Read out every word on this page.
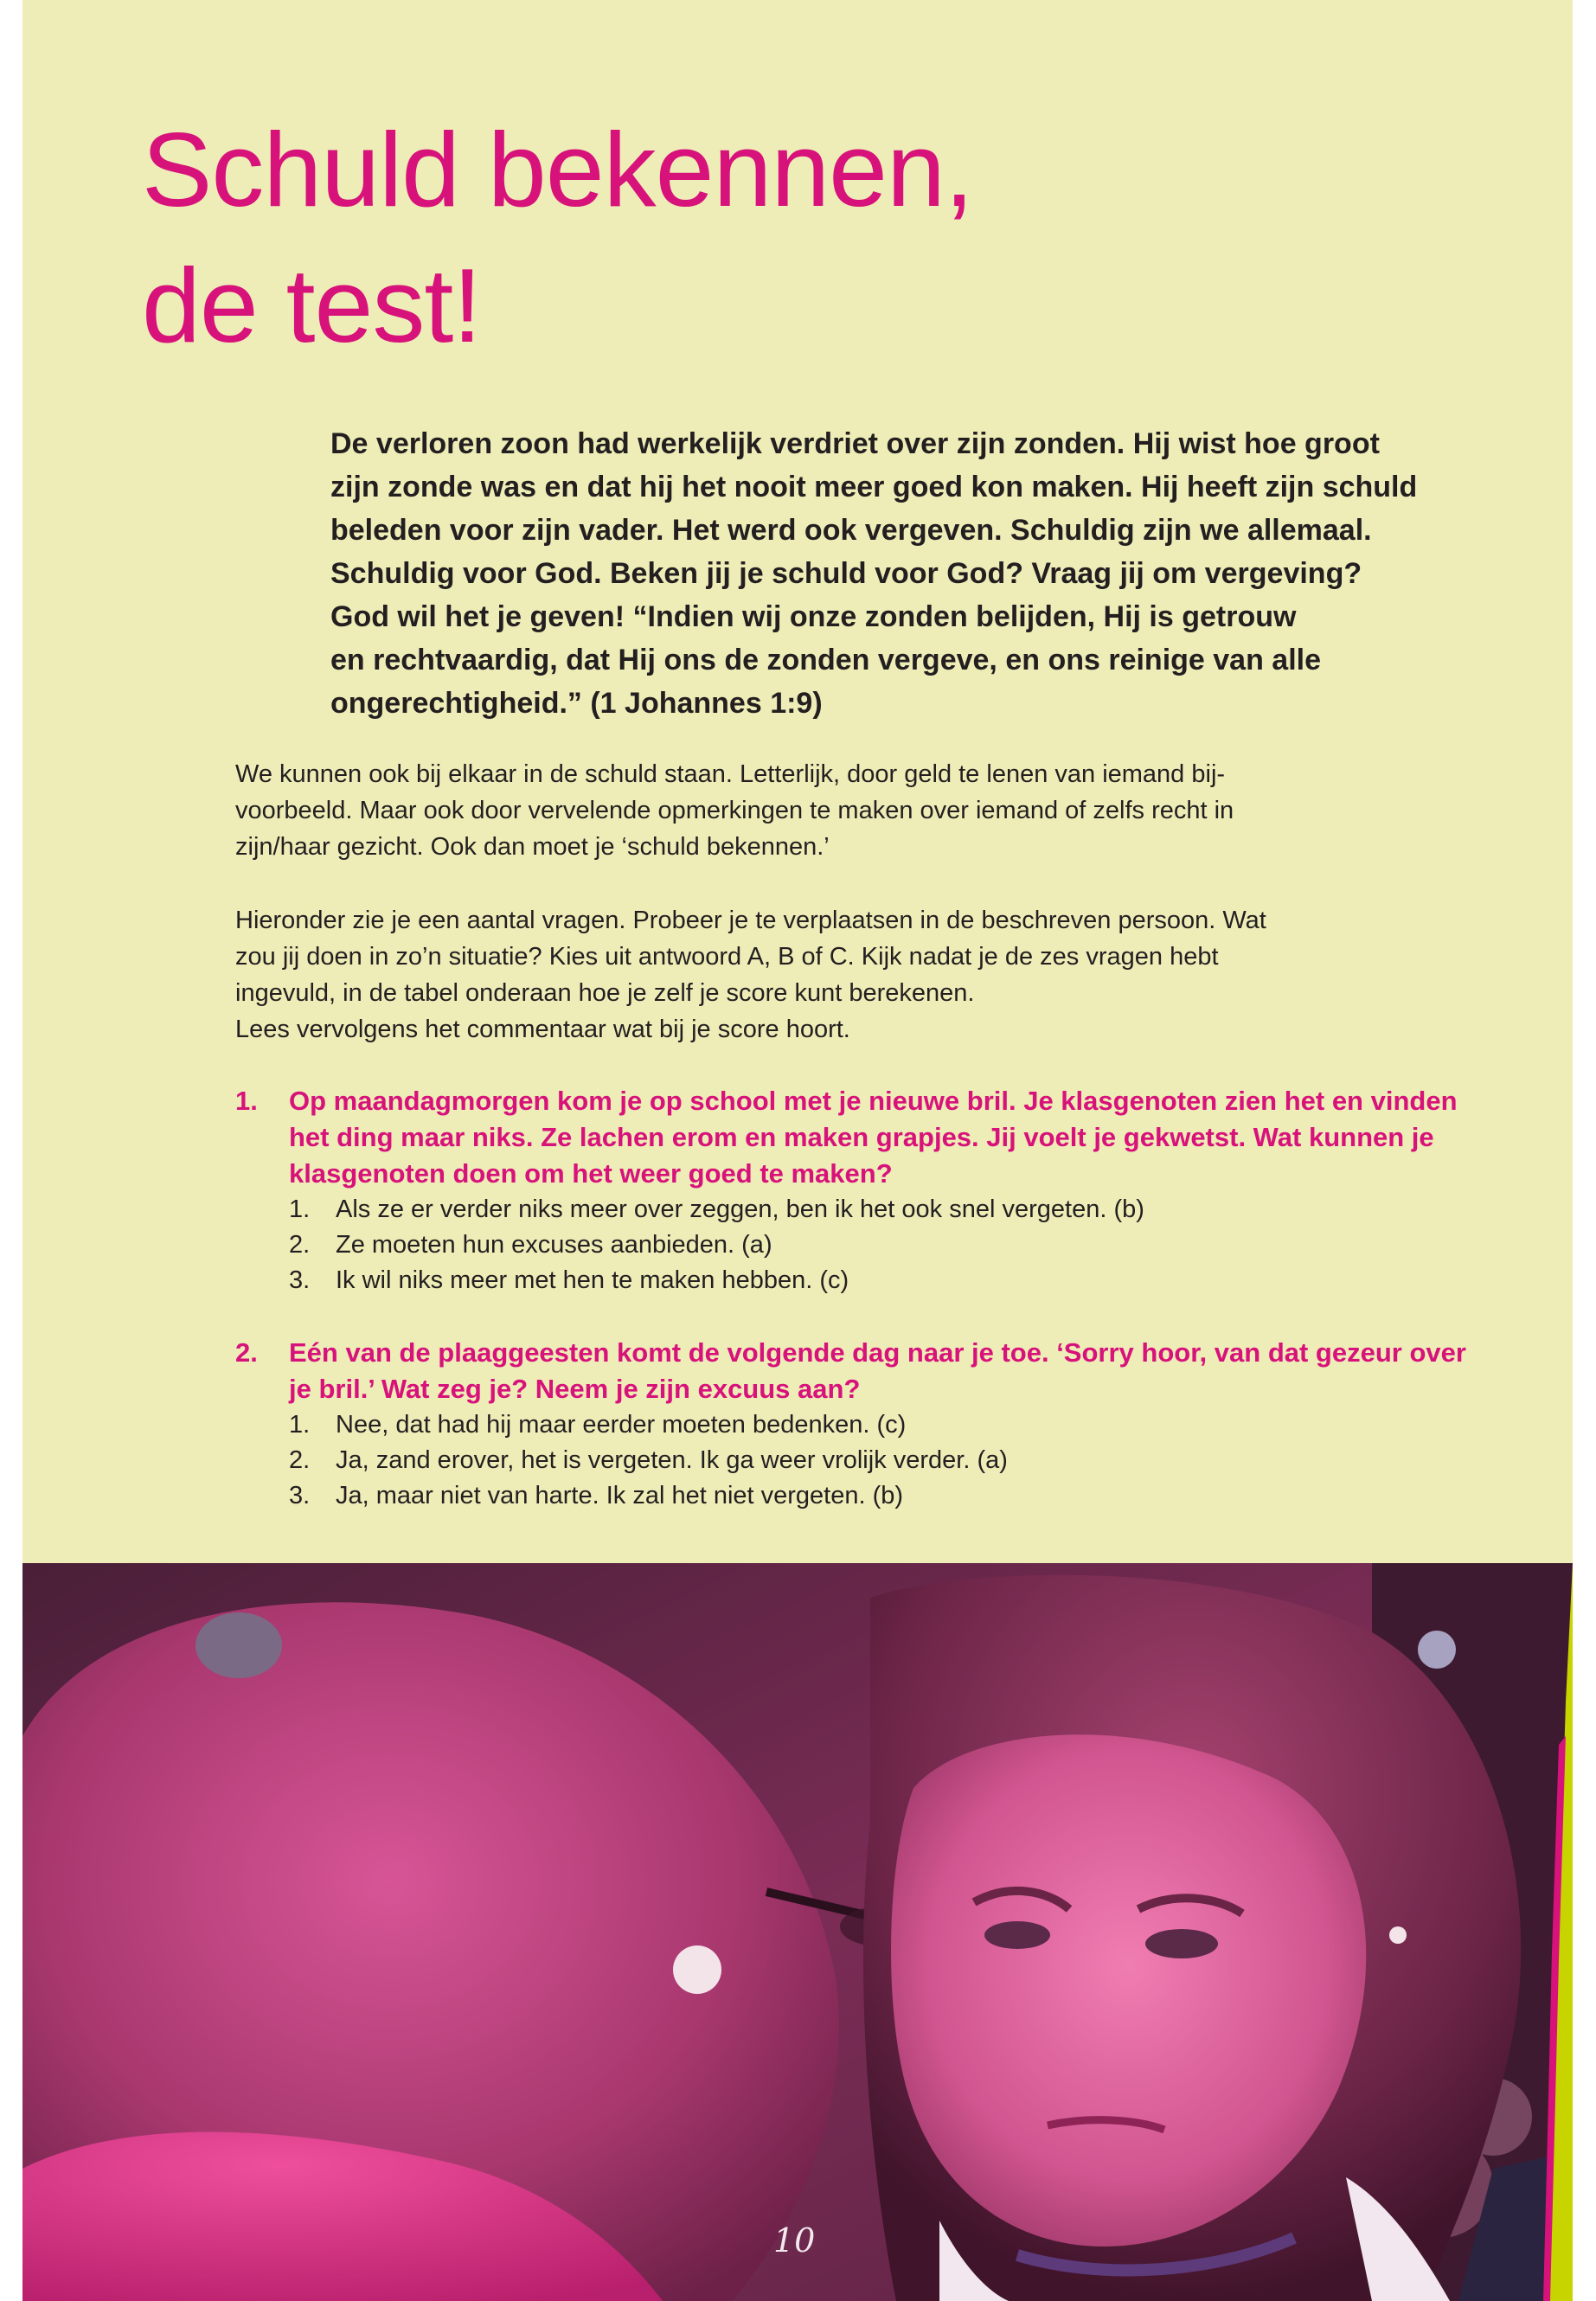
Schuld bekennen,
de test!

De verloren zoon had werkelijk verdriet over zijn zonden. Hij wist hoe groot
zijn zonde was en dat hij het nooit meer goed kon maken. Hij heeft zijn schuld
beleden voor zijn vader. Het werd ook vergeven. Schuldig zijn we allemaal.
Schuldig voor God. Beken jij je schuld voor God? Vraag jij om vergeving?
God wil het je geven! “Indien wij onze zonden belijden, Hij is getrouw
en rechtvaardig, dat Hij ons de zonden vergeve, en ons reinige van alle
ongerechtigheid.” (1 Johannes 1:9)

We kunnen ook bij elkaar in de schuld staan. Letterlijk, door geld te lenen van iemand bij-
voorbeeld. Maar ook door vervelende opmerkingen te maken over iemand of zelfs recht in
zijn/haar gezicht. Ook dan moet je ‘schuld bekennen.’

Hieronder zie je een aantal vragen. Probeer je te verplaatsen in de beschreven persoon. Wat
zou jij doen in zo’n situatie? Kies uit antwoord A, B of C. Kijk nadat je de zes vragen hebt
ingevuld, in de tabel onderaan hoe je zelf je score kunt berekenen.
Lees vervolgens het commentaar wat bij je score hoort.

1. Op maandagmorgen kom je op school met je nieuwe bril. Je klasgenoten zien het en vinden
het ding maar niks. Ze lachen erom en maken grapjes. Jij voelt je gekwetst. Wat kunnen je
klasgenoten doen om het weer goed te maken?

1. Als ze er verder niks meer over zeggen, ben ik het ook snel vergeten. (b)
2. Ze moeten hun excuses aanbieden. (a)
3. Ik wil niks meer met hen te maken hebben. (c)
2. Eén van de plaaggeesten komt de volgende dag naar je toe. ‘Sorry hoor, van dat gezeur over
je bril.’ Wat zeg je? Neem je zijn excuus aan?

1. Nee, dat had hij maar eerder moeten bedenken. (c)
2. Ja, zand erover, het is vergeten. Ik ga weer vrolijk verder. (a)
3. Ja, maar niet van harte. Ik zal het niet vergeten. (b)
10
